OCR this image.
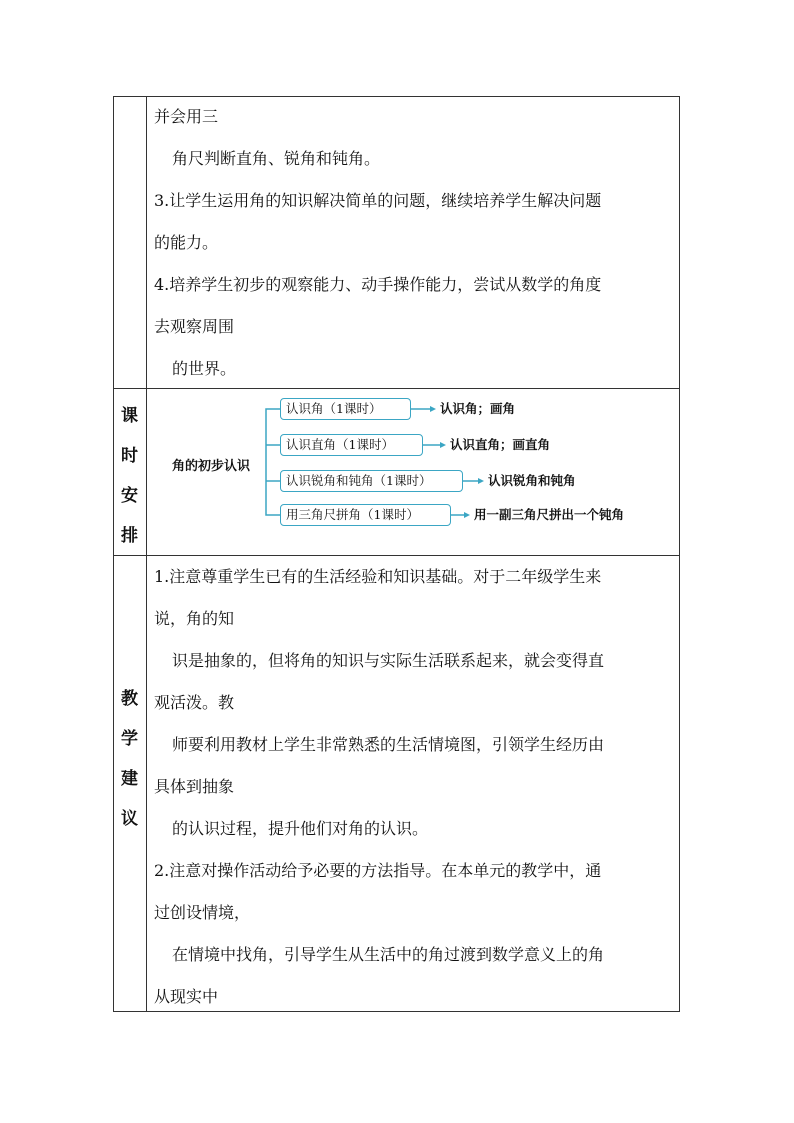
并会用三
角尺判断直角、锐角和钝角。
3.让学生运用角的知识解决简单的问题，继续培养学生解决问题
的能力。
4.培养学生初步的观察能力、动手操作能力，尝试从数学的角度
去观察周围
的世界。
课
时
安
排
角的初步认识
认识角（1课时）	认识角；画角
认识直角（1课时）	认识直角；画直角
认识锐角和钝角（1课时）	认识锐角和钝角
用三角尺拼角（1课时）	用一副三角尺拼出一个钝角
教
学
建
议
1.注意尊重学生已有的生活经验和知识基础。对于二年级学生来
说，角的知
识是抽象的，但将角的知识与实际生活联系起来，就会变得直
观活泼。教
师要利用教材上学生非常熟悉的生活情境图，引领学生经历由
具体到抽象
的认识过程，提升他们对角的认识。
2.注意对操作活动给予必要的方法指导。在本单元的教学中，通
过创设情境，
在情境中找角，引导学生从生活中的角过渡到数学意义上的角
从现实中
